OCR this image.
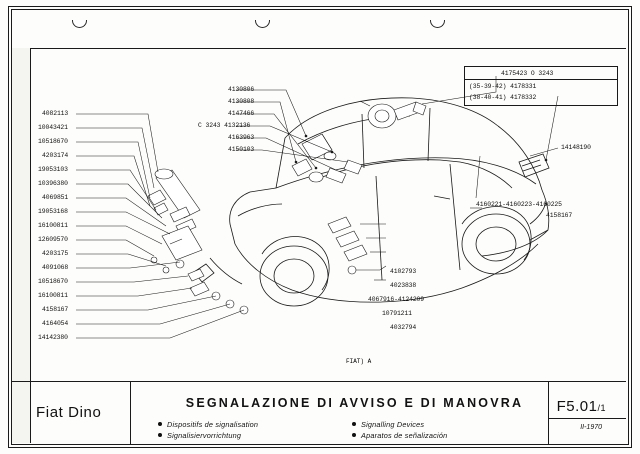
4175423 O 3243
(35-39-42) 4178331
(38-40-41) 4178332
4130806
4130808
4147466
C 3243 4132136
4163963
4150103
4082113
10043421
10518670
4203174
19053103
10396380
4069851
19053168
16100811
12609570
4203175
4091068
10518670
16100811
4158167
4164054
14142380
14148190
4160221-4160223-4160225
4158167
4102793
4023838
4067916-4124209
10791211
4032794
FIAT) A
Fiat Dino
SEGNALAZIONE DI AVVISO E DI MANOVRA
Dispositifs de signalisation
Signalisiervorrichtung
Signalling Devices
Aparatos de señalización
F5.01/1
II-1970
